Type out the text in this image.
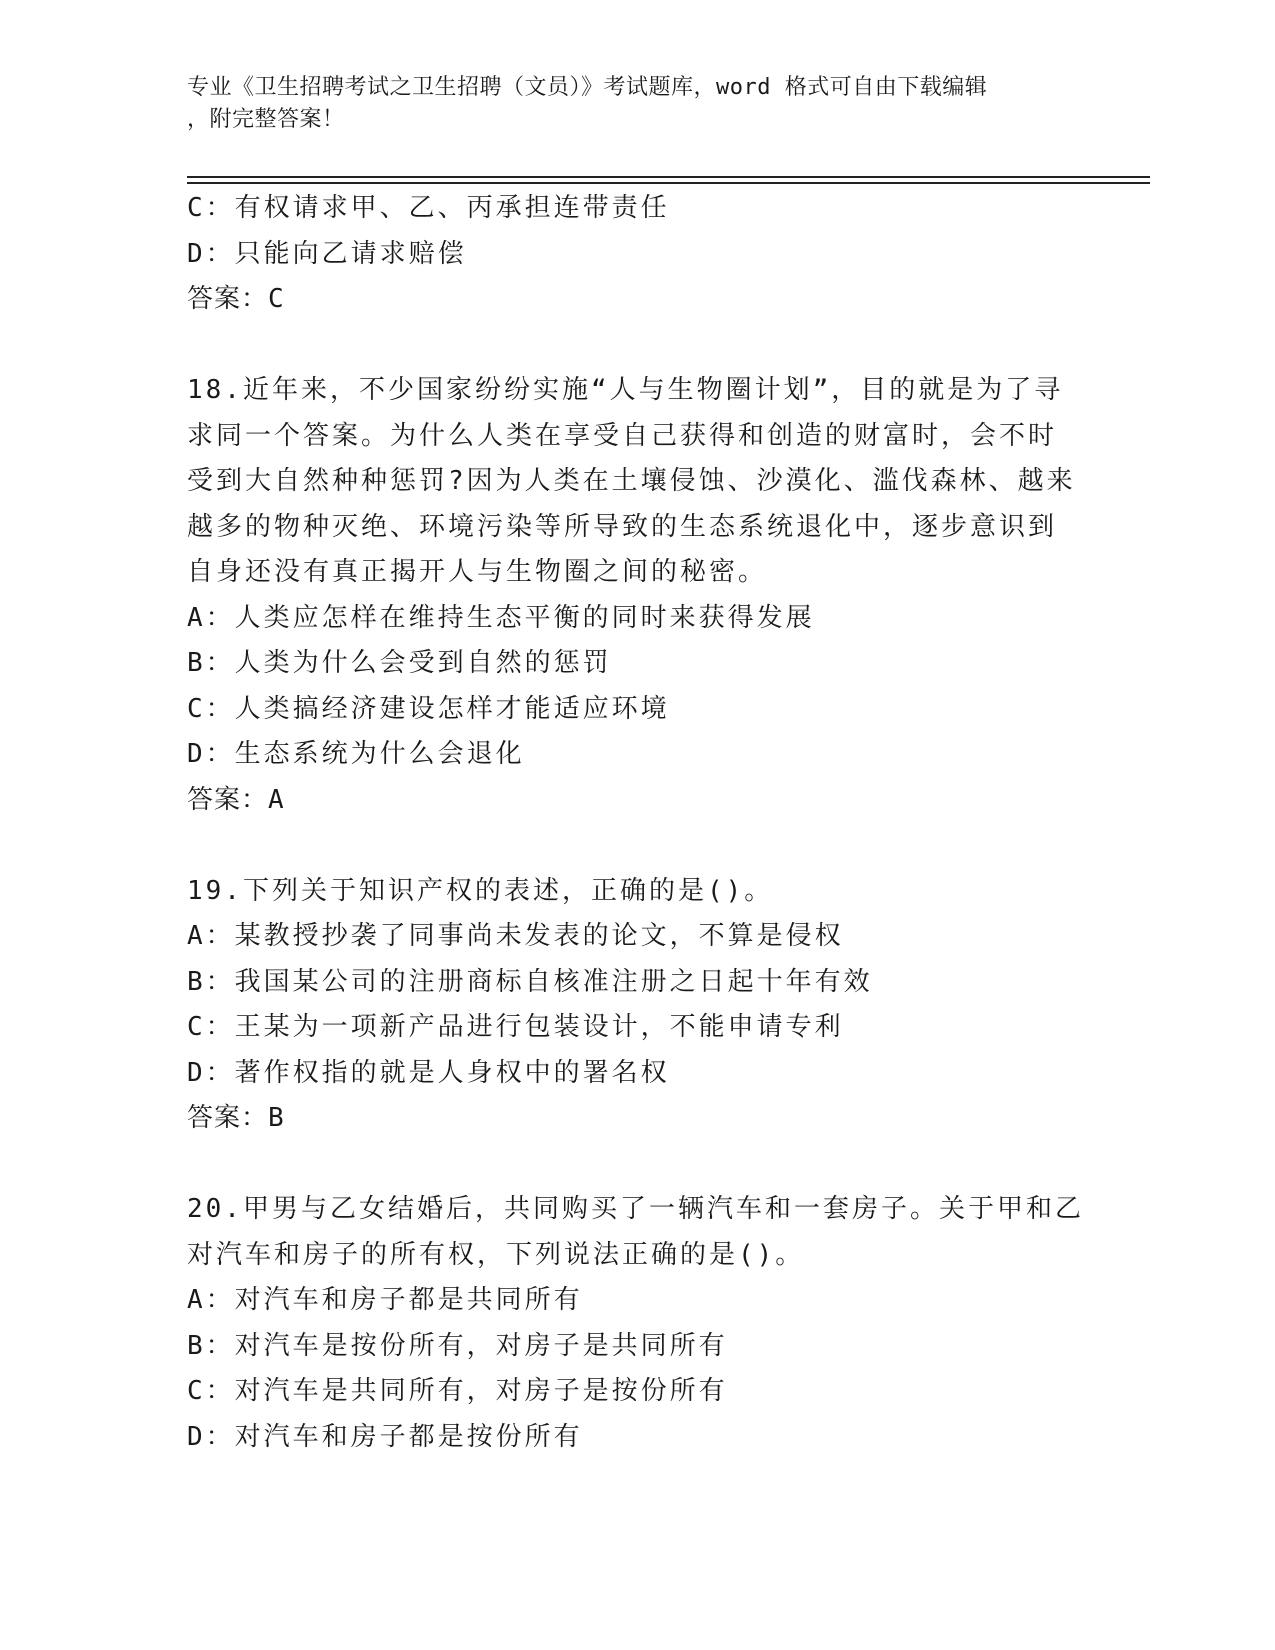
专业《卫生招聘考试之卫生招聘（文员）》考试题库，word 格式可自由下载编辑
，附完整答案！
C：有权请求甲、乙、丙承担连带责任
D：只能向乙请求赔偿
答案：C
18.近年来，不少国家纷纷实施“人与生物圈计划”，目的就是为了寻
求同一个答案。为什么人类在享受自己获得和创造的财富时，会不时
受到大自然种种惩罚?因为人类在土壤侵蚀、沙漠化、滥伐森林、越来
越多的物种灭绝、环境污染等所导致的生态系统退化中，逐步意识到
自身还没有真正揭开人与生物圈之间的秘密。
A：人类应怎样在维持生态平衡的同时来获得发展
B：人类为什么会受到自然的惩罚
C：人类搞经济建设怎样才能适应环境
D：生态系统为什么会退化
答案：A
19.下列关于知识产权的表述，正确的是()。
A：某教授抄袭了同事尚未发表的论文，不算是侵权
B：我国某公司的注册商标自核准注册之日起十年有效
C：王某为一项新产品进行包装设计，不能申请专利
D：著作权指的就是人身权中的署名权
答案：B
20.甲男与乙女结婚后，共同购买了一辆汽车和一套房子。关于甲和乙
对汽车和房子的所有权，下列说法正确的是()。
A：对汽车和房子都是共同所有
B：对汽车是按份所有，对房子是共同所有
C：对汽车是共同所有，对房子是按份所有
D：对汽车和房子都是按份所有
